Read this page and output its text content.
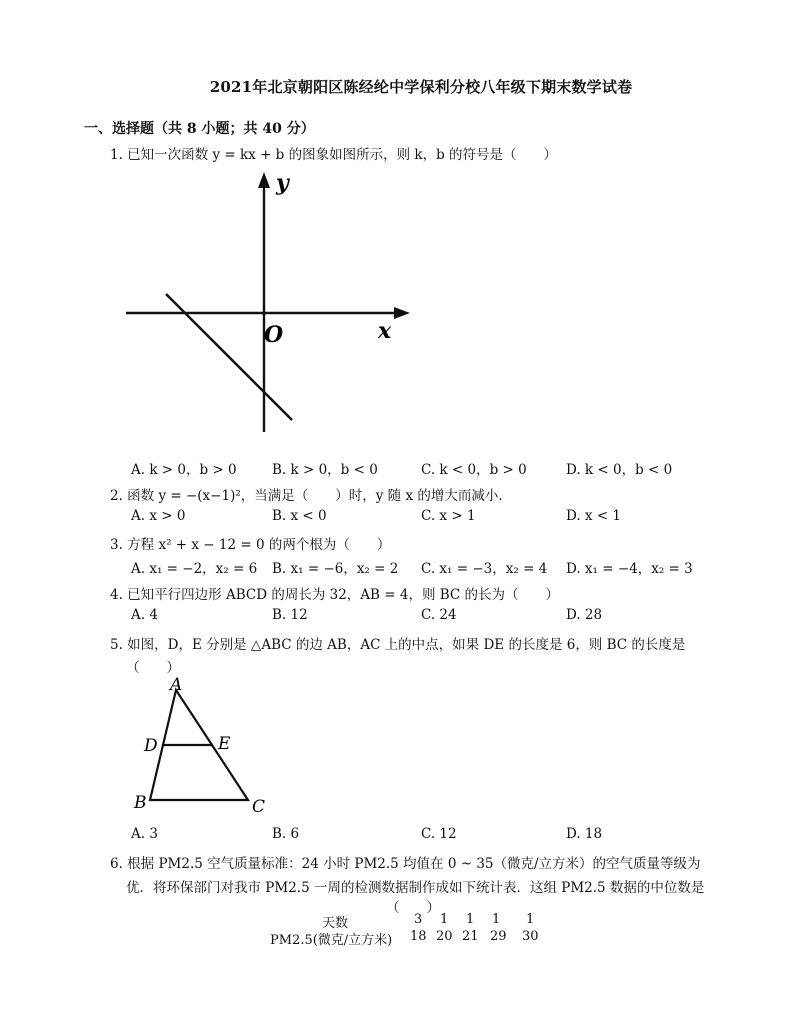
2021年北京朝阳区陈经纶中学保利分校八年级下期末数学试卷
一、选择题（共 8 小题；共 40 分）
1. 已知一次函数 y = kx + b 的图象如图所示，则 k，b 的符号是（　　）
y
x
O
A. k > 0，b > 0	B. k > 0，b < 0	C. k < 0，b > 0	D. k < 0，b < 0
2. 函数 y = −(x−1)²，当满足（　　）时，y 随 x 的增大而减小．
A. x > 0	B. x < 0	C. x > 1	D. x < 1
3. 方程 x² + x − 12 = 0 的两个根为（　　）
A. x₁ = −2，x₂ = 6 B. x₁ = −6，x₂ = 2 C. x₁ = −3，x₂ = 4 D. x₁ = −4，x₂ = 3
4. 已知平行四边形 ABCD 的周长为 32，AB = 4，则 BC 的长为（　　）
A. 4	B. 12	C. 24	D. 28
5. 如图，D，E 分别是 △ABC 的边 AB，AC 上的中点，如果 DE 的长度是 6，则 BC 的长度是
（　　）
A
B	C
D	E
A. 3	B. 6	C. 12	D. 18
6. 根据 PM2.5 空气质量标准：24 小时 PM2.5 均值在 0 ~ 35（微克/立方米）的空气质量等级为
优．将环保部门对我市 PM2.5 一周的检测数据制作成如下统计表．这组 PM2.5 数据的中位数是
（　　）
天数	3 1 1 1 1
PM2.5(微克/立方米) 18 20 21 29 30
